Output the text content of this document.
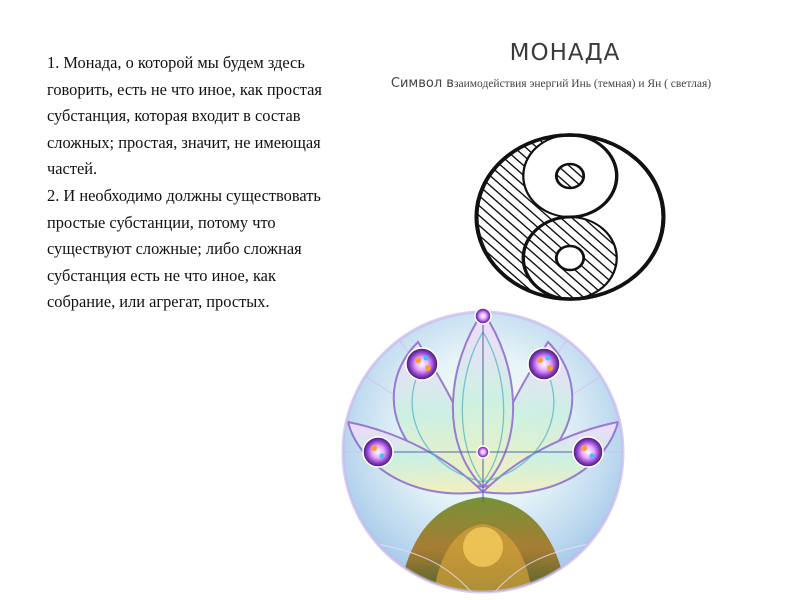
1. Монада, о которой мы будем здесь говорить, есть не что иное, как простая субстанция, которая входит в состав сложных; простая, значит, не имеющая частей.

2. И необходимо должны существовать простые субстанции, потому что существуют сложные; либо сложная субстанция есть не что иное, как собрание, или агрегат, простых.

МОНАДА
Символ взаимодействия энергий Инь (темная) и Ян ( светлая)
